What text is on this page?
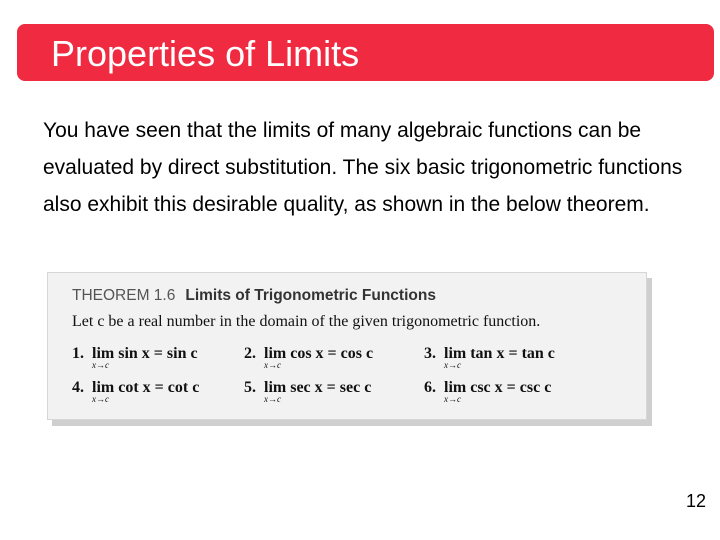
Properties of Limits
You have seen that the limits of many algebraic functions can be evaluated by direct substitution. The six basic trigonometric functions also exhibit this desirable quality, as shown in the below theorem.
THEOREM 1.6 Limits of Trigonometric Functions
Let c be a real number in the domain of the given trigonometric function.
1. lim
x→c
sin x = sin c	2. lim
x→c
cos x = cos c	3. lim
x→c
tan x = tan c
4. lim
x→c
cot x = cot c	5. lim
x→c
sec x = sec c	6. lim
x→c
csc x = csc c
12
